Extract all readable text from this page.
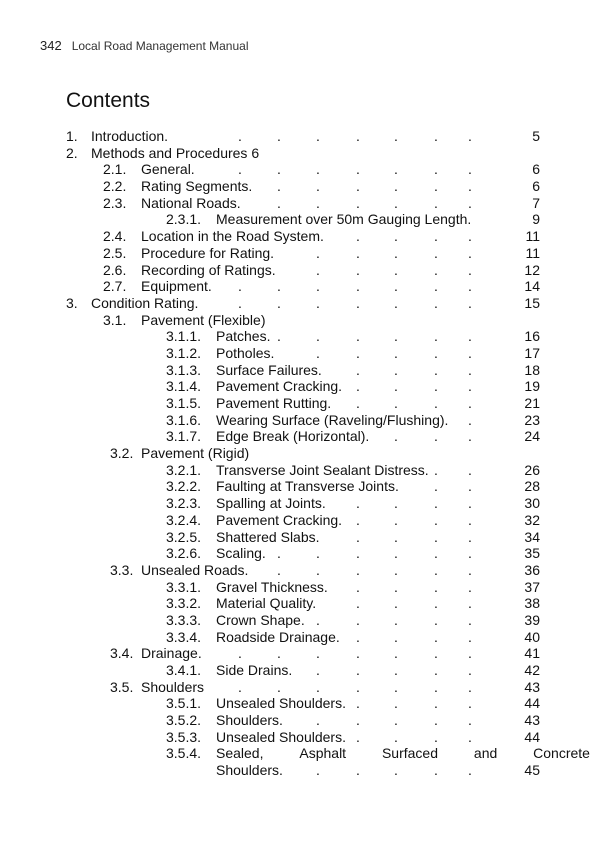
342 Local Road Management Manual
Contents
1. Introduction.	.	.	.	. .	. .	5
2. Methods and Procedures 6
2.1. General.	.	.	.	. .	. .	6
2.2. Rating Segments. .	.	. .	. .	6
2.3. National Roads.	.	.	. .	. .	7
2.3.1. Measurement over 50m Gauging Length.	9
2.4. Location in the Road System. . .	. .	11
2.5. Procedure for Rating.	.	. .	. .	11
2.6. Recording of Ratings.	.	. .	. .	12
2.7. Equipment. .	.	.	. .	. .	14
3. Condition Rating.	.	.	.	. .	. .	15
3.1. Pavement (Flexible)
3.1.1. Patches. .	.	. .	. .	16
3.1.2. Potholes.	.	. .	. .	17
3.1.3. Surface Failures. . .	. .	18
3.1.4. Pavement Cracking. . .	. .	19
3.1.5. Pavement Rutting. . .	. .	21
3.1.6. Wearing Surface (Raveling/Flushing). .	23
3.1.7. Edge Break (Horizontal). .	. .	24
3.2. Pavement (Rigid)
3.2.1. Transverse Joint Sealant Distress. . .	26
3.2.2. Faulting at Transverse Joints.	. .	28
3.2.3. Spalling at Joints. . .	. .	30
3.2.4. Pavement Cracking. . .	. .	32
3.2.5. Shattered Slabs.	. .	. .	34
3.2.6. Scaling. .	.	. .	. .	35
3.3. Unsealed Roads. .	.	. .	. .	36
3.3.1. Gravel Thickness. . .	. .	37
3.3.2. Material Quality.	. .	. .	38
3.3.3. Crown Shape. .	. .	. .	39
3.3.4. Roadside Drainage. . .	. .	40
3.4. Drainage.	.	.	.	. .	. .	41
3.4.1. Side Drains. .	. .	. .	42
3.5. Shoulders .	.	.	. .	. .	43
3.5.1. Unsealed Shoulders. . .	. .	44
3.5.2. Shoulders. .	. .	. .	43
3.5.3. Unsealed Shoulders. . .	. .	44
3.5.4. Sealed,	Asphalt	Surfaced	and	Concrete
Shoulders. .	. .	. .	45
